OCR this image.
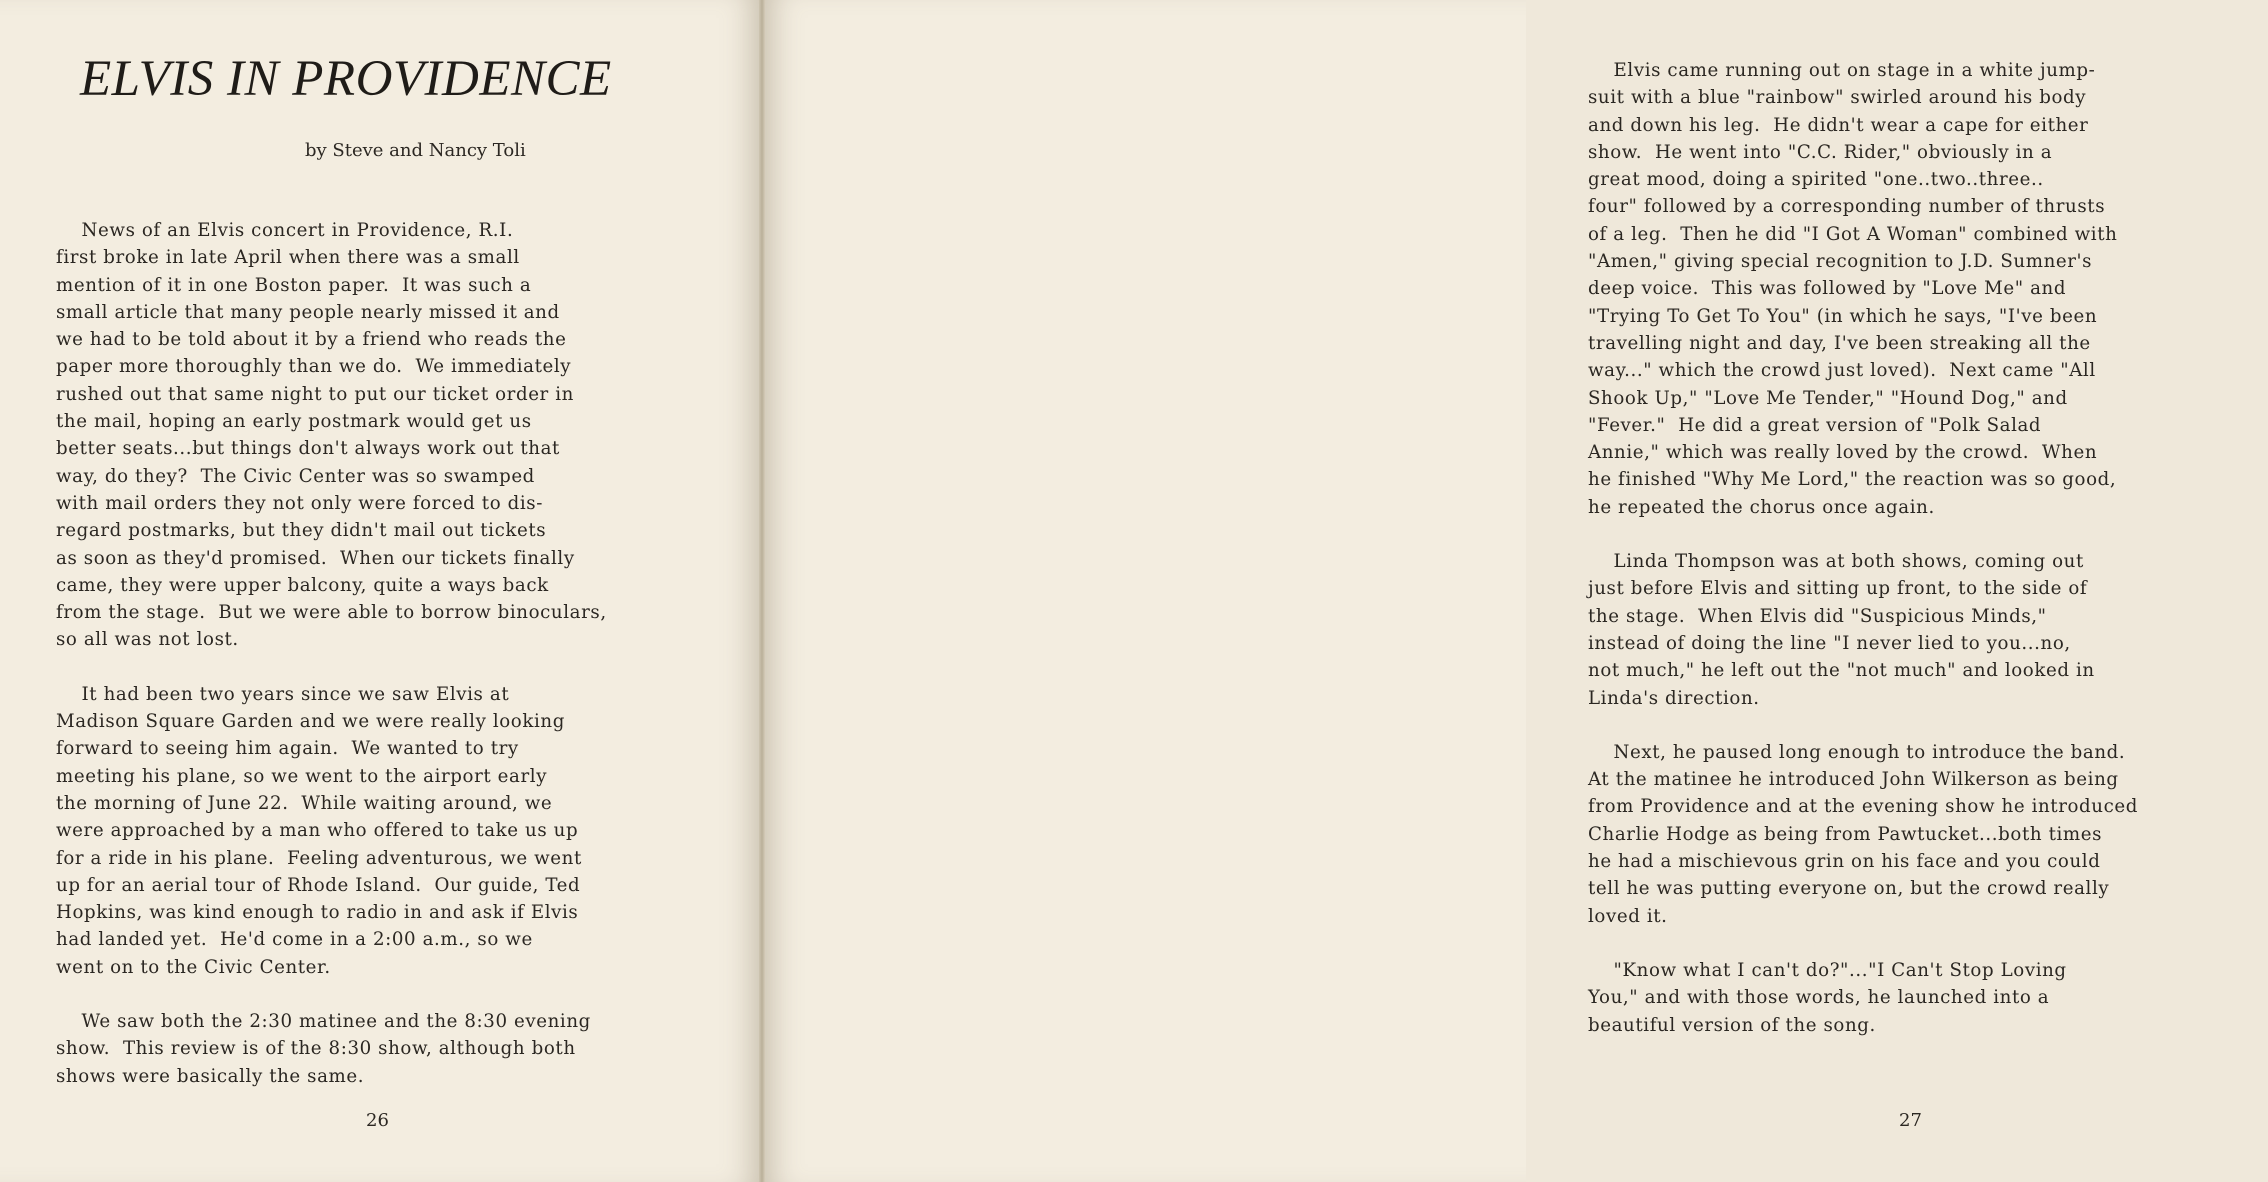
ELVIS IN PROVIDENCE
by Steve and Nancy Toli

News of an Elvis concert in Providence, R.I.
first broke in late April when there was a small
mention of it in one Boston paper.  It was such a
small article that many people nearly missed it and
we had to be told about it by a friend who reads the
paper more thoroughly than we do.  We immediately
rushed out that same night to put our ticket order in
the mail, hoping an early postmark would get us
better seats...but things don't always work out that
way, do they?  The Civic Center was so swamped
with mail orders they not only were forced to dis-
regard postmarks, but they didn't mail out tickets
as soon as they'd promised.  When our tickets finally
came, they were upper balcony, quite a ways back
from the stage.  But we were able to borrow binoculars,
so all was not lost.

It had been two years since we saw Elvis at
Madison Square Garden and we were really looking
forward to seeing him again.  We wanted to try
meeting his plane, so we went to the airport early
the morning of June 22.  While waiting around, we
were approached by a man who offered to take us up
for a ride in his plane.  Feeling adventurous, we went
up for an aerial tour of Rhode Island.  Our guide, Ted
Hopkins, was kind enough to radio in and ask if Elvis
had landed yet.  He'd come in a 2:00 a.m., so we
went on to the Civic Center.

We saw both the 2:30 matinee and the 8:30 evening
show.  This review is of the 8:30 show, although both
shows were basically the same.

26

Elvis came running out on stage in a white jump-
suit with a blue "rainbow" swirled around his body
and down his leg.  He didn't wear a cape for either
show.  He went into "C.C. Rider," obviously in a
great mood, doing a spirited "one..two..three..
four" followed by a corresponding number of thrusts
of a leg.  Then he did "I Got A Woman" combined with
"Amen," giving special recognition to J.D. Sumner's
deep voice.  This was followed by "Love Me" and
"Trying To Get To You" (in which he says, "I've been
travelling night and day, I've been streaking all the
way..." which the crowd just loved).  Next came "All
Shook Up," "Love Me Tender," "Hound Dog," and
"Fever."  He did a great version of "Polk Salad
Annie," which was really loved by the crowd.  When
he finished "Why Me Lord," the reaction was so good,
he repeated the chorus once again.

Linda Thompson was at both shows, coming out
just before Elvis and sitting up front, to the side of
the stage.  When Elvis did "Suspicious Minds,"
instead of doing the line "I never lied to you...no,
not much," he left out the "not much" and looked in
Linda's direction.

Next, he paused long enough to introduce the band.
At the matinee he introduced John Wilkerson as being
from Providence and at the evening show he introduced
Charlie Hodge as being from Pawtucket...both times
he had a mischievous grin on his face and you could
tell he was putting everyone on, but the crowd really
loved it.

"Know what I can't do?"..."I Can't Stop Loving
You," and with those words, he launched into a
beautiful version of the song.

27
